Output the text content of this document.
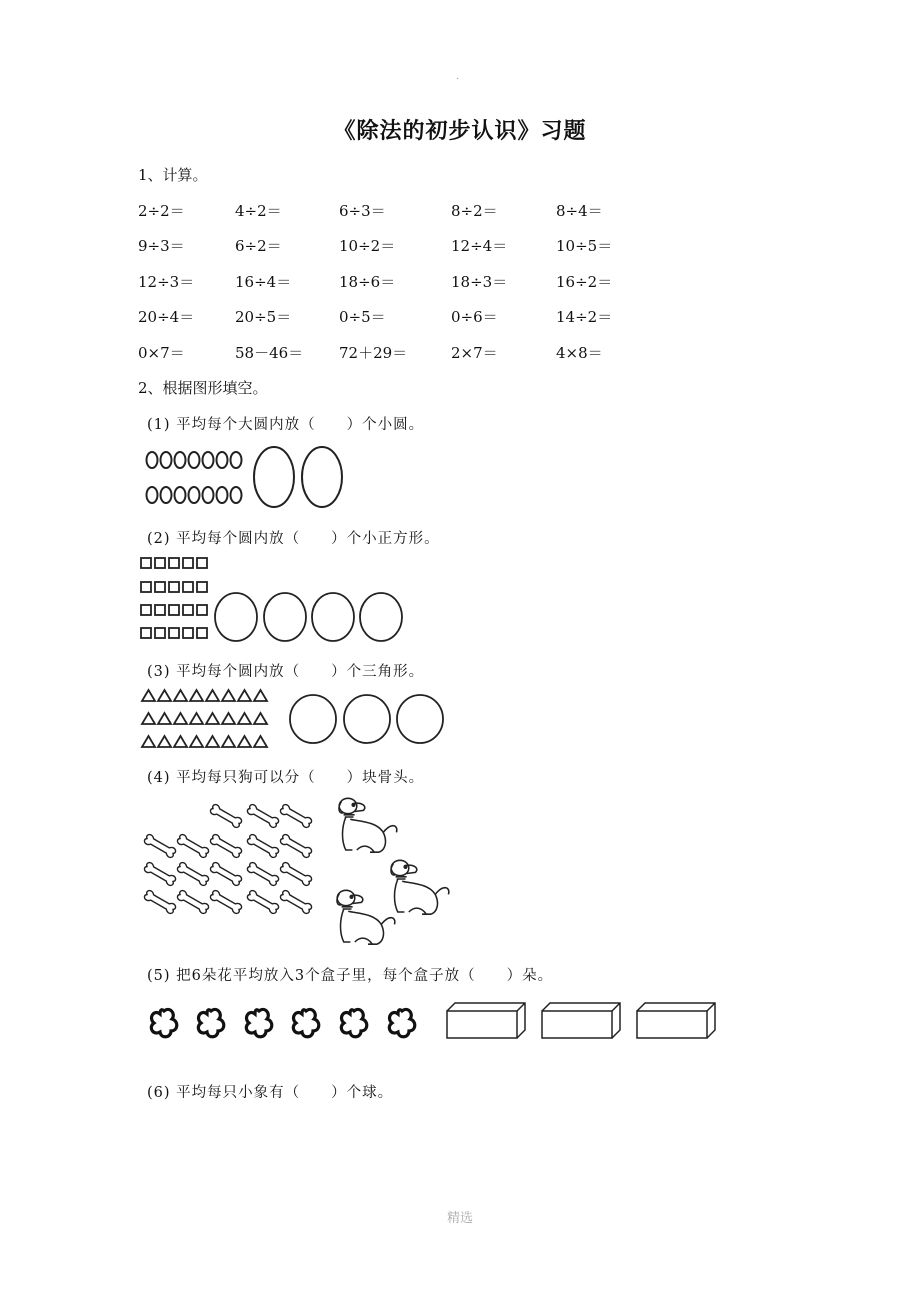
·
《除法的初步认识》习题
1、计算。
2÷2＝	4÷2＝	6÷3＝	8÷2＝	8÷4＝
9÷3＝	6÷2＝	10÷2＝	12÷4＝	10÷5＝
12÷3＝	16÷4＝	18÷6＝	18÷3＝	16÷2＝
20÷4＝	20÷5＝	0÷5＝	0÷6＝	14÷2＝
0×7＝	58－46＝ 72＋29＝	2×7＝	4×8＝
2、根据图形填空。
(1) 平均每个大圆内放（　　）个小圆。
(2) 平均每个圆内放（　　）个小正方形。
(3) 平均每个圆内放（　　）个三角形。
(4) 平均每只狗可以分（　　）块骨头。
(5) 把6朵花平均放入3个盒子里，每个盒子放（　　）朵。
(6) 平均每只小象有（　　）个球。
精选
